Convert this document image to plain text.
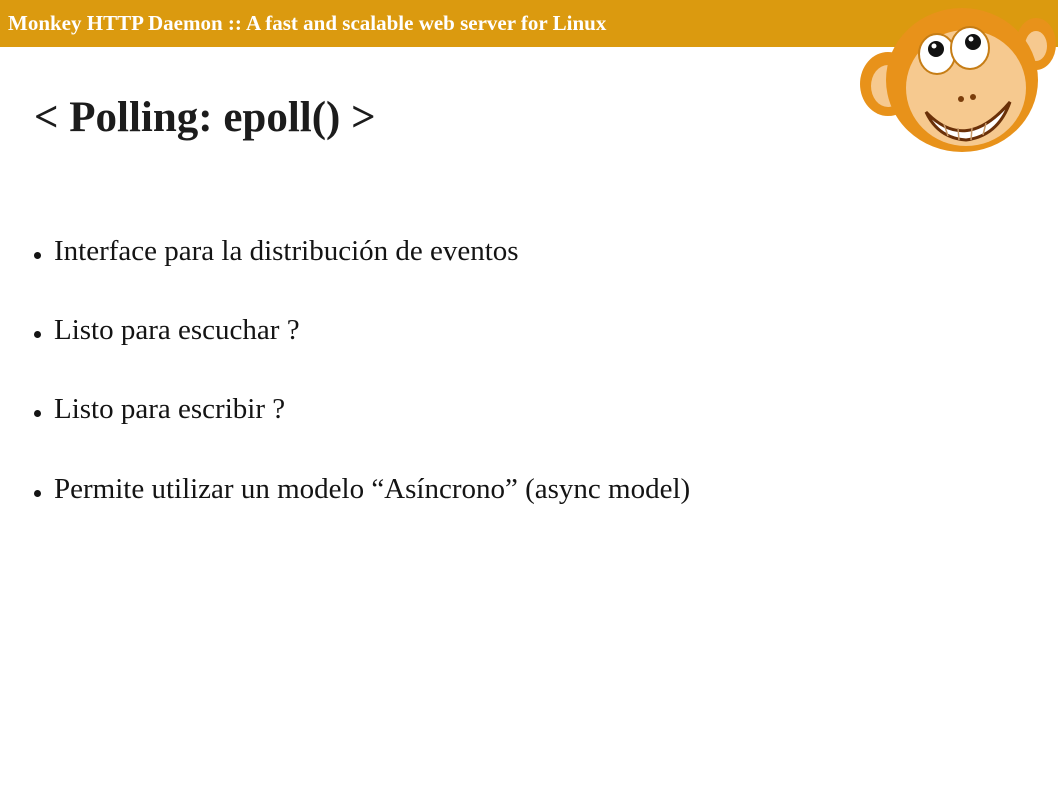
Monkey HTTP Daemon :: A fast and scalable web server for Linux
< Polling: epoll() >
Interface para la distribución de eventos
Listo para escuchar ?
Listo para escribir ?
Permite utilizar un modelo “Asíncrono” (async model)
